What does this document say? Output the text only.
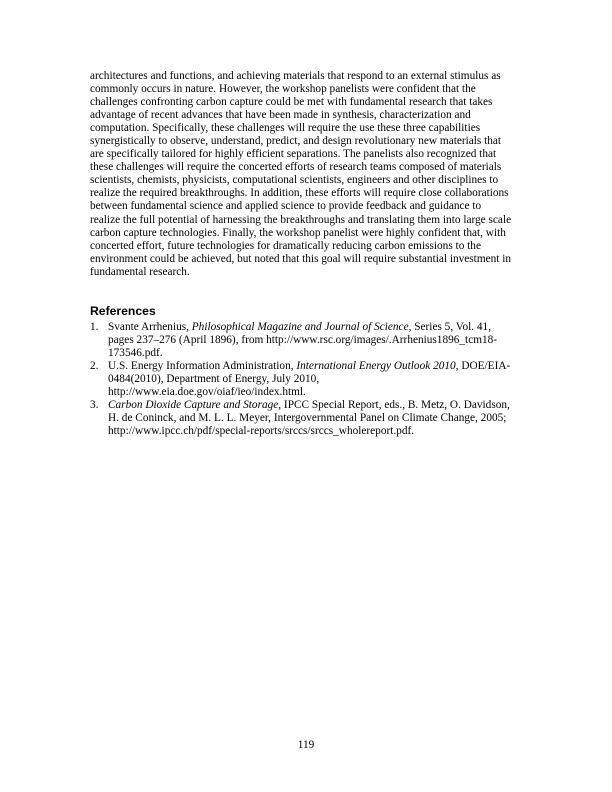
architectures and functions, and achieving materials that respond to an external stimulus as
commonly occurs in nature. However, the workshop panelists were confident that the
challenges confronting carbon capture could be met with fundamental research that takes
advantage of recent advances that have been made in synthesis, characterization and
computation. Specifically, these challenges will require the use these three capabilities
synergistically to observe, understand, predict, and design revolutionary new materials that
are specifically tailored for highly efficient separations. The panelists also recognized that
these challenges will require the concerted efforts of research teams composed of materials
scientists, chemists, physicists, computational scientists, engineers and other disciplines to
realize the required breakthroughs. In addition, these efforts will require close collaborations
between fundamental science and applied science to provide feedback and guidance to
realize the full potential of harnessing the breakthroughs and translating them into large scale
carbon capture technologies. Finally, the workshop panelist were highly confident that, with
concerted effort, future technologies for dramatically reducing carbon emissions to the
environment could be achieved, but noted that this goal will require substantial investment in
fundamental research.

References
1. Svante Arrhenius, Philosophical Magazine and Journal of Science, Series 5, Vol. 41,
pages 237–276 (April 1896), from http://www.rsc.org/images/.Arrhenius1896_tcm18-
173546.pdf.
2. U.S. Energy Information Administration, International Energy Outlook 2010, DOE/EIA-
0484(2010), Department of Energy, July 2010,
http://www.eia.doe.gov/oiaf/ieo/index.html.
3. Carbon Dioxide Capture and Storage, IPCC Special Report, eds., B. Metz, O. Davidson,
H. de Coninck, and M. L. L. Meyer, Intergovernmental Panel on Climate Change, 2005;
http://www.ipcc.ch/pdf/special-reports/srccs/srccs_wholereport.pdf.
119
